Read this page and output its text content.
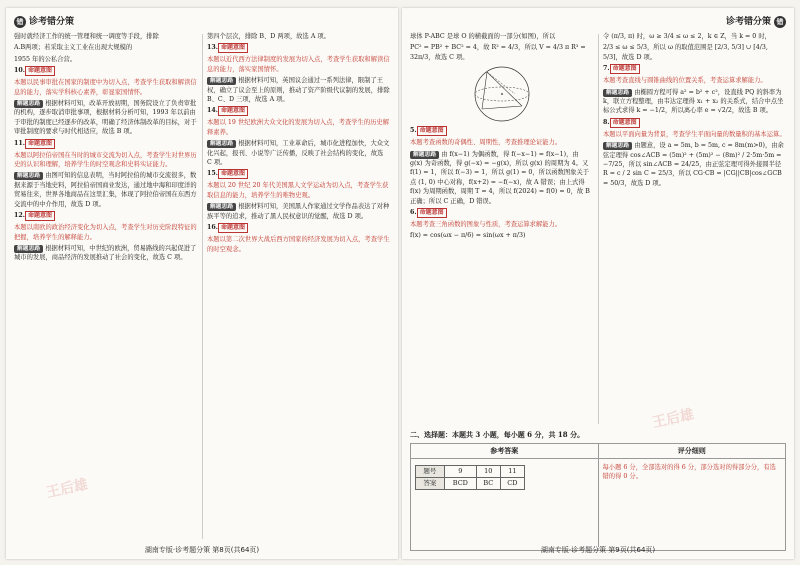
错 诊考错分策

强时就经济工作的统一管理和统一调度等手段，排除

A.B两项；若采取主义工业在出现大规模的

1955 年的公私合营。

10. 命题意图

本题以民事审批在国家的制度中为切入点，考查学生获取和解读信息的能力，落实学科核心素养，彰显家国情怀。

解题思路 根据材料可知，改革开放初期，国务院设立了负责审批的机构，逐步取消审批事项，根据材料分析可知，1993 年以前由于审批的制度已经逐步的改革，明确了经济体制改革的目标，对于审批制度的要求与时代相适应，故选 B 项。

11. 命题意图

本题以阿拉伯帝国在当时的城市交流为切入点，考查学生对世界历史的认识和理解，培养学生的时空观念和史料实证能力。

解题思路 由图可知的信息表明，当时阿拉伯的城市交流很多，数据来源于当地史料，阿拉伯帝国商业发达，通过地中海和印度洋的贸易往来，世界各地商品在这里汇集，体现了阿拉伯帝国在东西方交流中的中介作用，故选 D 项。

12. 命题意图

本题以南欧的政治经济变化为切入点，考查学生对历史阶段特征的把握，培养学生的解释能力。

解题思路 根据材料可知，中世纪的欧洲，贸易路线的兴起促进了城市的发展，商品经济的发展推动了社会的变化，故选 C 项。

第四个层次，排除 B、D 两项，故选 A 项。

13. 命题意图

本题以近代西方法律制度的发展为切入点，考查学生获取和解读信息的能力，落实家国情怀。

解题思路 根据材料可知，英国议会通过一系列法律，限制了王权，确立了议会至上的原则，推动了资产阶级代议制的发展，排除 B、C、D 三项，故选 A 项。

14. 命题意图

本题以 19 世纪欧洲大众文化的发展为切入点，考查学生的历史解释素养。

解题思路 根据材料可知，工业革命后，城市化进程加快，大众文化兴起，报刊、小说等广泛传播，反映了社会结构的变化，故选 C 项。

15. 命题意图

本题以 20 世纪 20 年代美国黑人文学运动为切入点，考查学生获取信息的能力，培养学生的唯物史观。

解题思路 根据材料可知，美国黑人作家通过文学作品表达了对种族平等的追求，推动了黑人民权意识的觉醒，故选 D 项。

16. 命题意图

本题以第二次世界大战后西方国家的经济发展为切入点，考查学生的时空观念。

王后雄
湖南专版·诊考题分策 第8页(共64页)
诊考错分策 错

球体 P-ABC 是球 O 的横截面的一部分(如图)，所以

PC² = PB² + BC² = 4，故 R² = 4/3，所以 V = 4/3 π R³ = 32π/3，故选 C 项。

5. 命题意图

本题考查函数的奇偶性、周期性，考查推理论证能力。

解题思路 由 f(x−1) 为偶函数，得 f(−x−1) = f(x−1)，由 g(x) 为奇函数，得 g(−x) = −g(x)，所以 g(x) 的周期为 4。又 f(1) = 1，所以 f(−3) = 1，所以 g(1) = 0，所以函数图象关于点 (1, 0) 中心对称，f(x+2) = −f(−x)，故 A 错误；由上式得 f(x) 为周期函数，周期 T = 4，所以 f(2024) = f(0) = 0，故 B 正确；所以 C 正确，D 错误。

6. 命题意图

本题考查三角函数的图象与性质，考查运算求解能力。

f(x) = cos(ωx − π/6) = sin(ωx + π/3)

令 (π/3, π) 时，ω ≥ 3/4 ≤ ω ≤ 2，k ∈ Z，当 k = 0 时，

2/3 ≤ ω ≤ 5/3，所以 ω 的取值范围是 [2/3, 5/3] ∪ [4/3, 5/3]，故选 D 项。

7. 命题意图

本题考查直线与圆锥曲线的位置关系，考查运算求解能力。

解题思路 由椭圆方程可得 a² = b² + c²，设直线 PQ 的斜率为 k，联立方程整理，由韦达定理得 x₁ + x₂ 的关系式，结合中点坐标公式求得 k = −1/2，所以离心率 e = √2/2，故选 B 项。

8. 命题意图

本题以平面向量为背景，考查学生平面向量的数量积的基本运算。

解题思路 由题意，设 a = 5m, b = 5m, c = 8m(m>0)，由余弦定理得 cos∠ACB = (5m)² + (5m)² − (8m)² / 2·5m·5m = −7/25，所以 sin∠ACB = 24/25，由正弦定理可得外接圆半径 R = c / 2 sin C = 25/3，所以 CG·CB = |CG||CB|cos∠GCB = 50/3，故选 D 项。

二、选择题：本题共 3 小题，每小题 6 分，共 18 分。
参考答案	评分细则
题号	9	10	11
答案	BCD	BC	CD
每小题 6 分，全部选对的得 6 分，部分选对的得部分分，有选错的得 0 分。
王后雄
湖南专版·诊考题分策 第9页(共64页)
